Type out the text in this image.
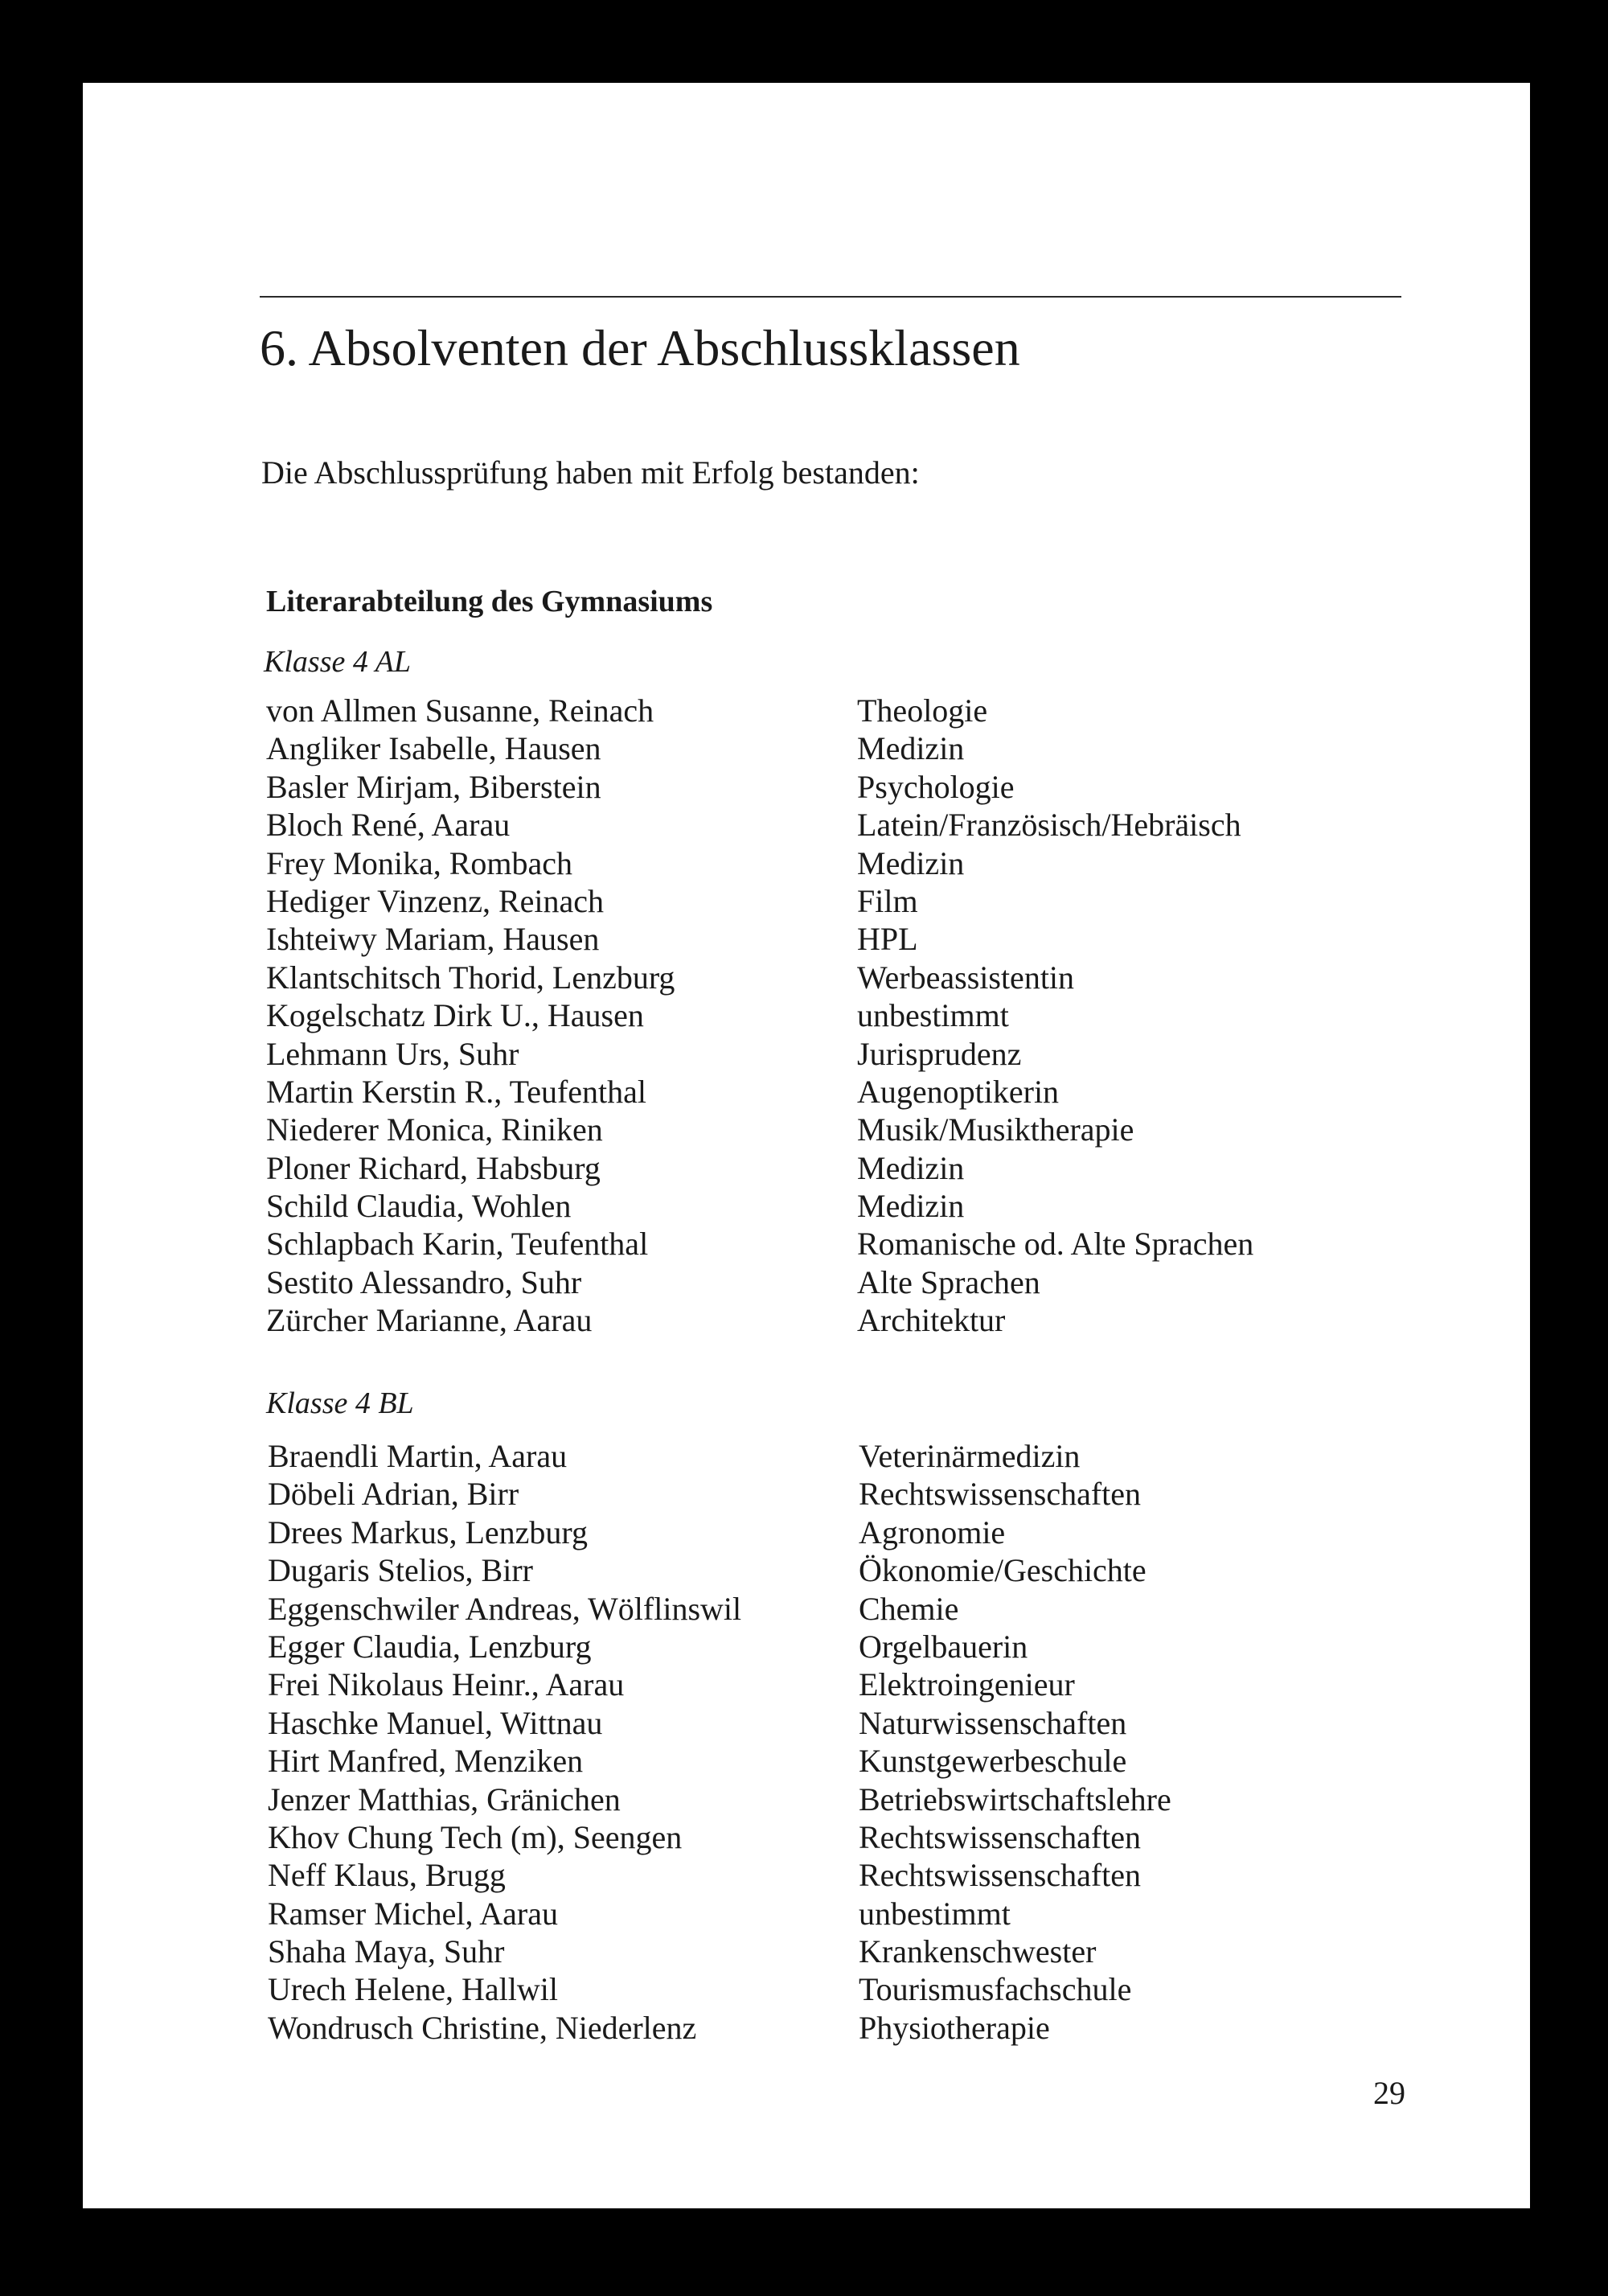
6. Absolventen der Abschlussklassen
Die Abschlussprüfung haben mit Erfolg bestanden:
Literarabteilung des Gymnasiums
Klasse 4 AL
von Allmen Susanne, Reinach	Theologie
Angliker Isabelle, Hausen	Medizin
Basler Mirjam, Biberstein	Psychologie
Bloch René, Aarau	Latein/Französisch/Hebräisch
Frey Monika, Rombach	Medizin
Hediger Vinzenz, Reinach	Film
Ishteiwy Mariam, Hausen	HPL
Klantschitsch Thorid, Lenzburg	Werbeassistentin
Kogelschatz Dirk U., Hausen	unbestimmt
Lehmann Urs, Suhr	Jurisprudenz
Martin Kerstin R., Teufenthal	Augenoptikerin
Niederer Monica, Riniken	Musik/Musiktherapie
Ploner Richard, Habsburg	Medizin
Schild Claudia, Wohlen	Medizin
Schlapbach Karin, Teufenthal	Romanische od. Alte Sprachen
Sestito Alessandro, Suhr	Alte Sprachen
Zürcher Marianne, Aarau	Architektur
Klasse 4 BL
Braendli Martin, Aarau	Veterinärmedizin
Döbeli Adrian, Birr	Rechtswissenschaften
Drees Markus, Lenzburg	Agronomie
Dugaris Stelios, Birr	Ökonomie/Geschichte
Eggenschwiler Andreas, Wölflinswil	Chemie
Egger Claudia, Lenzburg	Orgelbauerin
Frei Nikolaus Heinr., Aarau	Elektroingenieur
Haschke Manuel, Wittnau	Naturwissenschaften
Hirt Manfred, Menziken	Kunstgewerbeschule
Jenzer Matthias, Gränichen	Betriebswirtschaftslehre
Khov Chung Tech (m), Seengen	Rechtswissenschaften
Neff Klaus, Brugg	Rechtswissenschaften
Ramser Michel, Aarau	unbestimmt
Shaha Maya, Suhr	Krankenschwester
Urech Helene, Hallwil	Tourismusfachschule
Wondrusch Christine, Niederlenz	Physiotherapie
29
